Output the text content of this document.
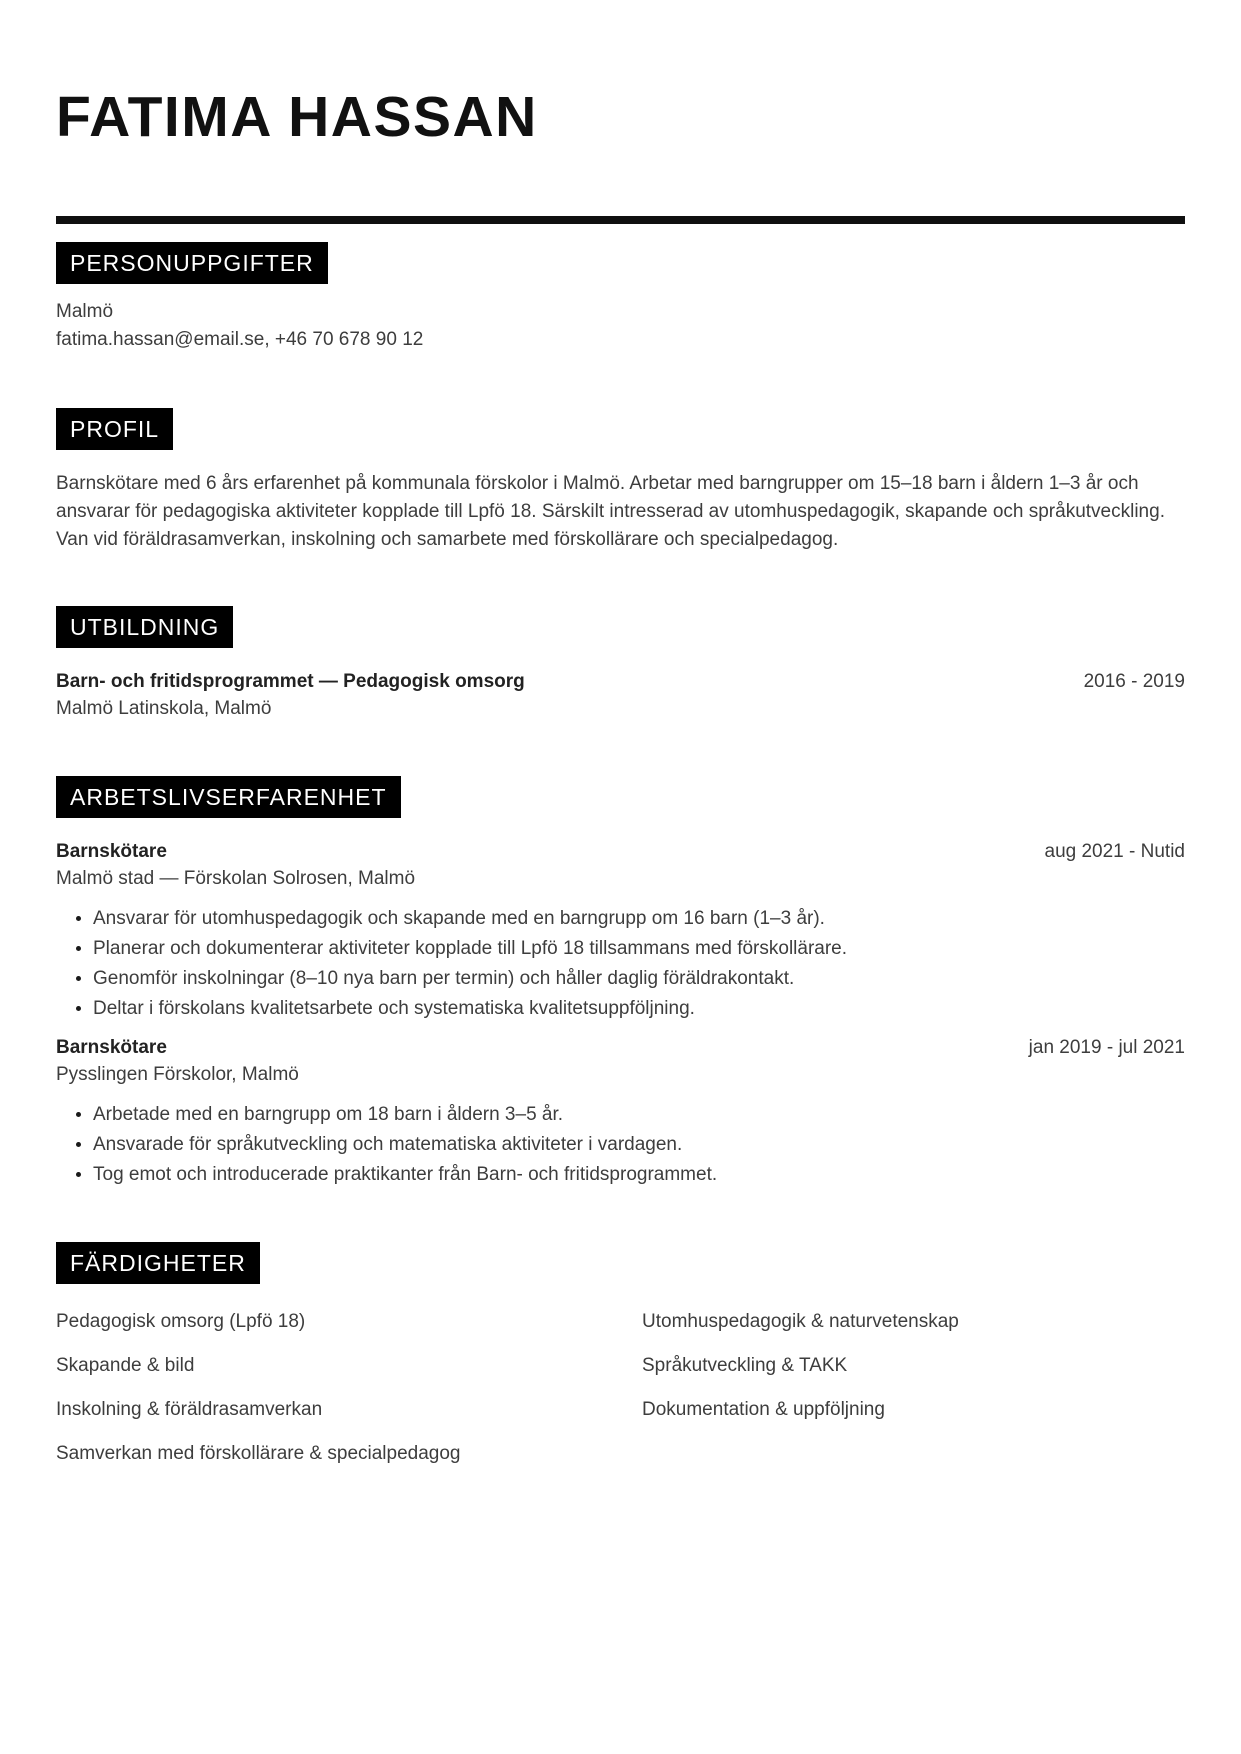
FATIMA HASSAN
PERSONUPPGIFTER
Malmö
fatima.hassan@email.se, +46 70 678 90 12
PROFIL

Barnskötare med 6 års erfarenhet på kommunala förskolor i Malmö. Arbetar med barngrupper om 15–18 barn i åldern 1–3 år och ansvarar för pedagogiska aktiviteter kopplade till Lpfö 18. Särskilt intresserad av utomhuspedagogik, skapande och språkutveckling. Van vid föräldrasamverkan, inskolning och samarbete med förskollärare och specialpedagog.

UTBILDNING
Barn- och fritidsprogrammet — Pedagogisk omsorg	2016 - 2019
Malmö Latinskola, Malmö
ARBETSLIVSERFARENHET
Barnskötare	aug 2021 - Nutid
Malmö stad — Förskolan Solrosen, Malmö
• Ansvarar för utomhuspedagogik och skapande med en barngrupp om 16 barn (1–3 år).
• Planerar och dokumenterar aktiviteter kopplade till Lpfö 18 tillsammans med förskollärare.
• Genomför inskolningar (8–10 nya barn per termin) och håller daglig föräldrakontakt.
• Deltar i förskolans kvalitetsarbete och systematiska kvalitetsuppföljning.
Barnskötare	jan 2019 - jul 2021
Pysslingen Förskolor, Malmö
• Arbetade med en barngrupp om 18 barn i åldern 3–5 år.
• Ansvarade för språkutveckling och matematiska aktiviteter i vardagen.
• Tog emot och introducerade praktikanter från Barn- och fritidsprogrammet.
FÄRDIGHETER
Pedagogisk omsorg (Lpfö 18)	Utomhuspedagogik & naturvetenskap
Skapande & bild	Språkutveckling & TAKK
Inskolning & föräldrasamverkan	Dokumentation & uppföljning
Samverkan med förskollärare & specialpedagog
